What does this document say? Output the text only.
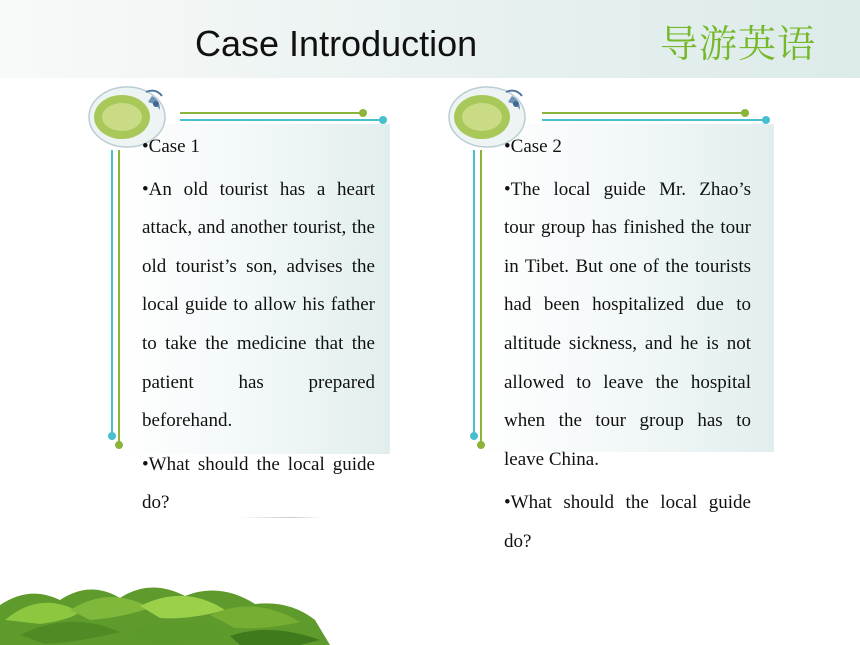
Case Introduction	导游英语

•Case 1

•An old tourist has a heart attack, and another tourist, the old tourist’s son, advises the local guide to allow his father to take the medicine that the patient has prepared beforehand.

•What should the local guide do?

•Case 2

•The local guide Mr. Zhao’s tour group has finished the tour in Tibet. But one of the tourists had been hospitalized due to altitude sickness, and he is not allowed to leave the hospital when the tour group has to leave China.

•What should the local guide do?
